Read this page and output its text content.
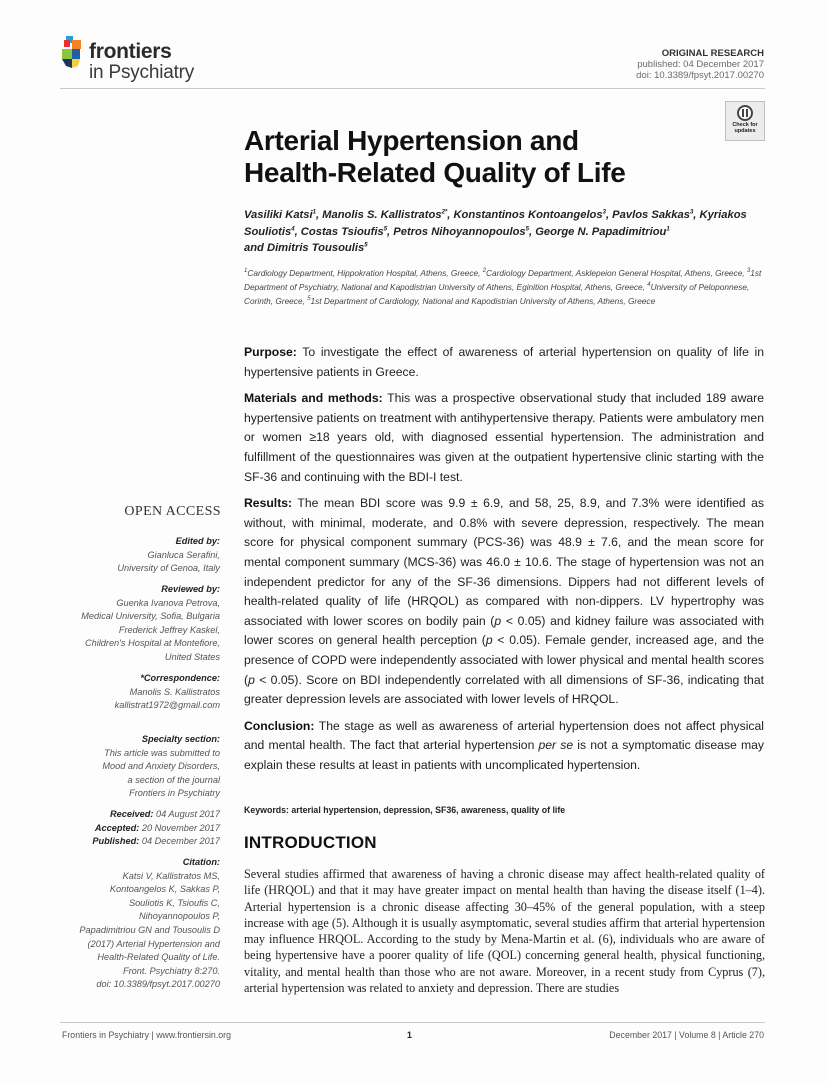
frontiers
in Psychiatry
ORIGINAL RESEARCH
published: 04 December 2017
doi: 10.3389/fpsyt.2017.00270
Check for
updates
Arterial Hypertension and
Health-Related Quality of Life
Vasiliki Katsi$^1$, Manolis S. Kallistratos$^{2*}$, Konstantinos Kontoangelos$^3$, Pavlos Sakkas$^3$, Kyriakos Souliotis$^4$, Costas Tsioufis$^5$, Petros Nihoyannopoulos$^5$, George N. Papadimitriou$^1$
and Dimitris Tousoulis$^5$
$^1$Cardiology Department, Hippokration Hospital, Athens, Greece, $^2$Cardiology Department, Asklepeion General Hospital, Athens, Greece, $^3$1st Department of Psychiatry, National and Kapodistrian University of Athens, Eginition Hospital, Athens, Greece, $^4$University of Peloponnese, Corinth, Greece, $^5$1st Department of Cardiology, National and Kapodistrian University of Athens, Athens, Greece

Purpose: To investigate the effect of awareness of arterial hypertension on quality of life in hypertensive patients in Greece.

Materials and methods: This was a prospective observational study that included 189 aware hypertensive patients on treatment with antihypertensive therapy. Patients were ambulatory men or women ≥18 years old, with diagnosed essential hypertension. The administration and fulfillment of the questionnaires was given at the outpatient hypertensive clinic starting with the SF-36 and continuing with the BDI-I test.

Results: The mean BDI score was 9.9 ± 6.9, and 58, 25, 8.9, and 7.3% were identified as without, with minimal, moderate, and 0.8% with severe depression, respectively. The mean score for physical component summary (PCS-36) was 48.9 ± 7.6, and the mean score for mental component summary (MCS-36) was 46.0 ± 10.6. The stage of hypertension was not an independent predictor for any of the SF-36 dimensions. Dippers had not different levels of health-related quality of life (HRQOL) as compared with non-dippers. LV hypertrophy was associated with lower scores on bodily pain (p < 0.05) and kidney failure was associated with lower scores on general health perception (p < 0.05). Female gender, increased age, and the presence of COPD were independently associated with lower physical and mental health scores (p < 0.05). Score on BDI independently correlated with all dimensions of SF-36, indicating that greater depression levels are associated with lower levels of HRQOL.

Conclusion: The stage as well as awareness of arterial hypertension does not affect physical and mental health. The fact that arterial hypertension per se is not a symptomatic disease may explain these results at least in patients with uncomplicated hypertension.

Keywords: arterial hypertension, depression, SF36, awareness, quality of life
INTRODUCTION
Several studies affirmed that awareness of having a chronic disease may affect health-related quality of life (HRQOL) and that it may have greater impact on mental health than having the disease itself (1–4). Arterial hypertension is a chronic disease affecting 30–45% of the general population, with a steep increase with age (5). Although it is usually asymptomatic, several studies affirm that arterial hypertension may influence HRQOL. According to the study by Mena-Martin et al. (6), individuals who are aware of being hypertensive have a poorer quality of life (QOL) concerning general health, physical functioning, vitality, and mental health than those who are not aware. Moreover, in a recent study from Cyprus (7), arterial hypertension was related to anxiety and depression. There are studies
OPEN ACCESS
Edited by:
Gianluca Serafini,
University of Genoa, Italy
Reviewed by:
Guenka Ivanova Petrova,
Medical University, Sofia, Bulgaria
Frederick Jeffrey Kaskel,
Children's Hospital at Montefiore,
United States
*Correspondence:
Manolis S. Kallistratos
kallistrat1972@gmail.com
Specialty section:
This article was submitted to
Mood and Anxiety Disorders,
a section of the journal
Frontiers in Psychiatry
Received: 04 August 2017
Accepted: 20 November 2017
Published: 04 December 2017
Citation:
Katsi V, Kallistratos MS,
Kontoangelos K, Sakkas P,
Souliotis K, Tsioufis C,
Nihoyannopoulos P,
Papadimitriou GN and Tousoulis D
(2017) Arterial Hypertension and
Health-Related Quality of Life.
Front. Psychiatry 8:270.
doi: 10.3389/fpsyt.2017.00270
Frontiers in Psychiatry | www.frontiersin.org	1	December 2017 | Volume 8 | Article 270
